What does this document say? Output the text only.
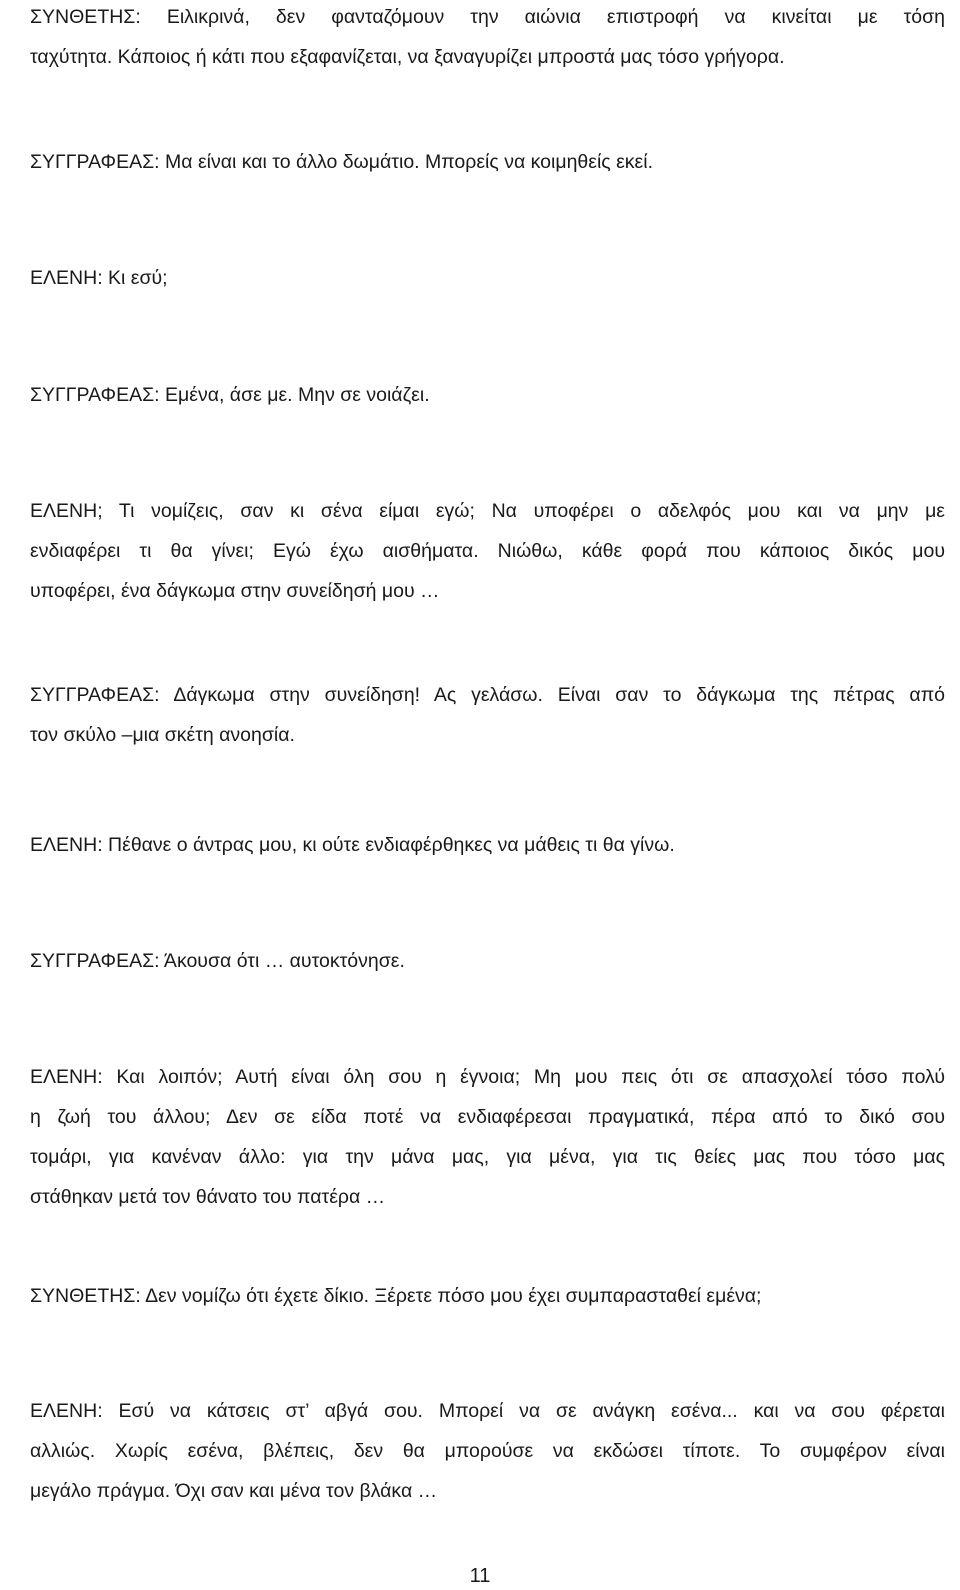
ΣΥΝΘΕΤΗΣ: Ειλικρινά, δεν φανταζόμουν την αιώνια επιστροφή να κινείται με τόση
ταχύτητα. Κάποιος ή κάτι που εξαφανίζεται, να ξαναγυρίζει μπροστά μας τόσο γρήγορα.
ΣΥΓΓΡΑΦΕΑΣ: Μα είναι και το άλλο δωμάτιο. Μπορείς να κοιμηθείς εκεί.
ΕΛΕΝΗ: Κι εσύ;
ΣΥΓΓΡΑΦΕΑΣ: Εμένα, άσε με. Μην σε νοιάζει.
ΕΛΕΝΗ; Τι νομίζεις, σαν κι σένα είμαι εγώ; Να υποφέρει ο αδελφός μου και να μην με
ενδιαφέρει τι θα γίνει; Εγώ έχω αισθήματα. Νιώθω, κάθε φορά που κάποιος δικός μου
υποφέρει, ένα δάγκωμα στην συνείδησή μου …
ΣΥΓΓΡΑΦΕΑΣ: Δάγκωμα στην συνείδηση! Ας γελάσω. Είναι σαν το δάγκωμα της πέτρας από
τον σκύλο –μια σκέτη ανοησία.
ΕΛΕΝΗ: Πέθανε ο άντρας μου, κι ούτε ενδιαφέρθηκες να μάθεις τι θα γίνω.
ΣΥΓΓΡΑΦΕΑΣ: Άκουσα ότι … αυτοκτόνησε.
ΕΛΕΝΗ: Και λοιπόν; Αυτή είναι όλη σου η έγνοια; Μη μου πεις ότι σε απασχολεί τόσο πολύ
η ζωή του άλλου; Δεν σε είδα ποτέ να ενδιαφέρεσαι πραγματικά, πέρα από το δικό σου
τομάρι, για κανέναν άλλο: για την μάνα μας, για μένα, για τις θείες μας που τόσο μας
στάθηκαν μετά τον θάνατο του πατέρα …
ΣΥΝΘΕΤΗΣ: Δεν νομίζω ότι έχετε δίκιο. Ξέρετε πόσο μου έχει συμπαρασταθεί εμένα;
ΕΛΕΝΗ: Εσύ να κάτσεις στ’ αβγά σου. Μπορεί να σε ανάγκη εσένα... και να σου φέρεται
αλλιώς. Χωρίς εσένα, βλέπεις, δεν θα μπορούσε να εκδώσει τίποτε. Το συμφέρον είναι
μεγάλο πράγμα. Όχι σαν και μένα τον βλάκα …
11
